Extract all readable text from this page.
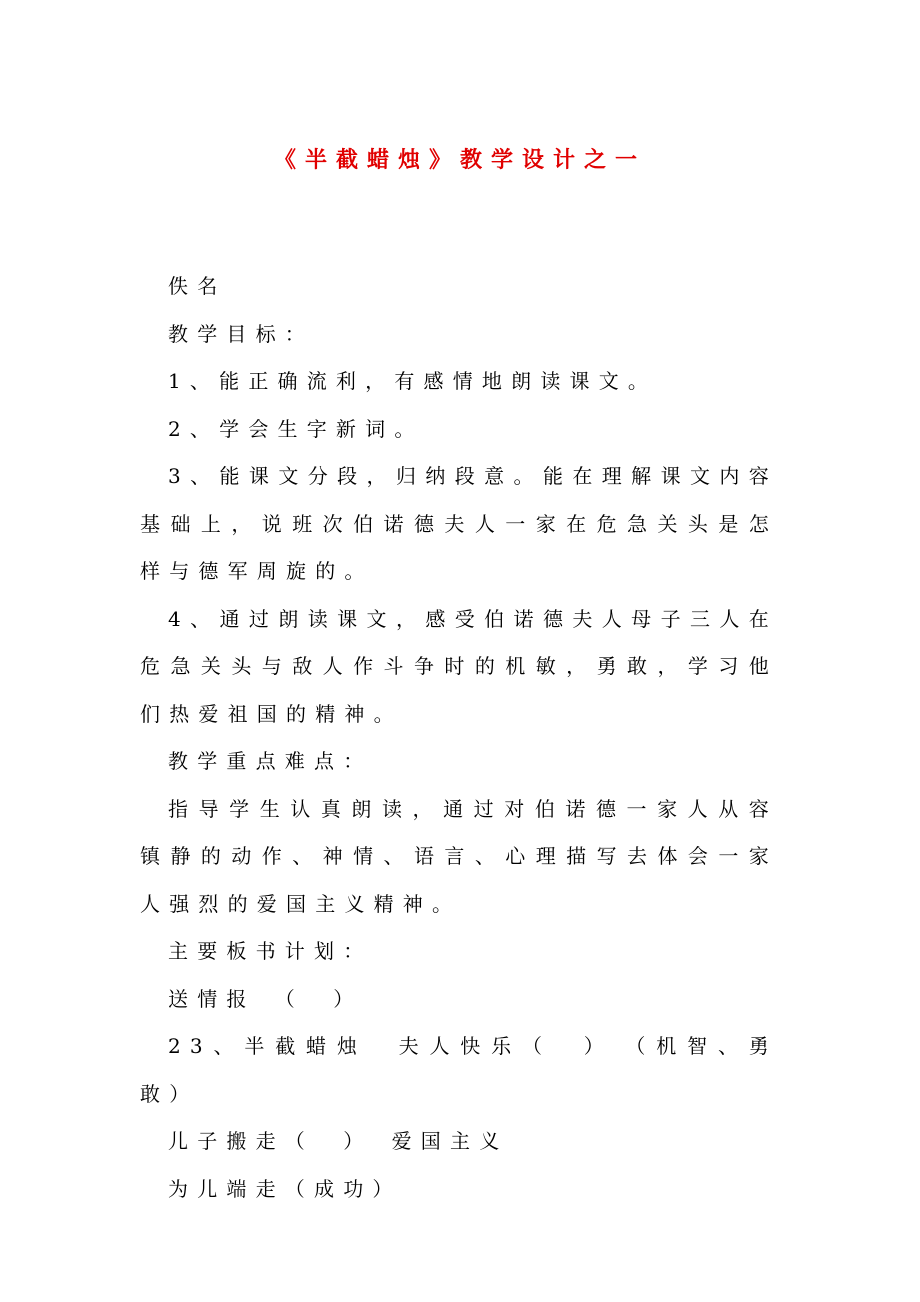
《半截蜡烛》教学设计之一

佚名

教学目标：

1、能正确流利，有感情地朗读课文。

2、学会生字新词。

3、能课文分段，归纳段意。能在理解课文内容基础上，说班次伯诺德夫人一家在危急关头是怎样与德军周旋的。

4、通过朗读课文，感受伯诺德夫人母子三人在危急关头与敌人作斗争时的机敏，勇敢，学习他们热爱祖国的精神。

教学重点难点：

指导学生认真朗读，通过对伯诺德一家人从容镇静的动作、神情、语言、心理描写去体会一家人强烈的爱国主义精神。

主要板书计划：

送情报　（　）

23、半截蜡烛　夫人快乐（　）　（机智、勇敢）

儿子搬走（　）　爱国主义

为儿端走（成功）
